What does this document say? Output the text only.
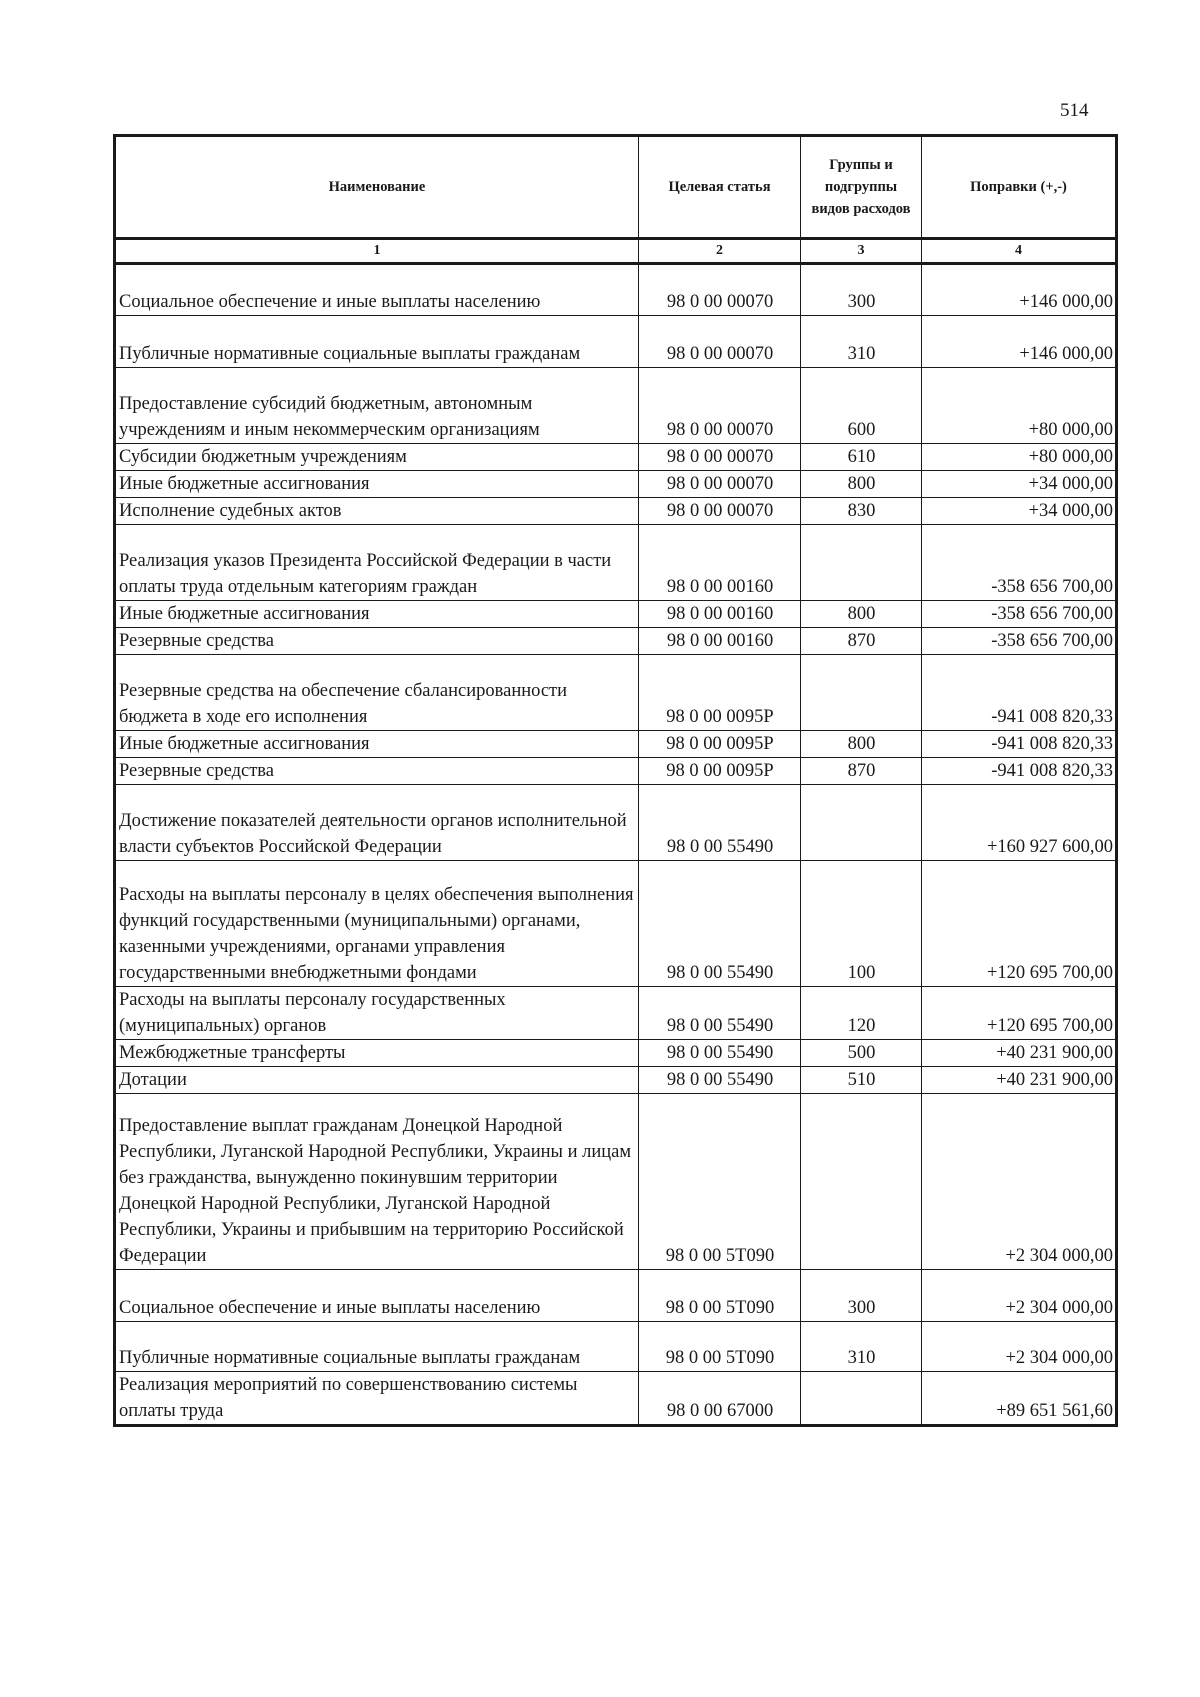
514
Наименование	Целевая статья	Группы и подгруппы видов расходов	Поправки (+,-)
1	2	3	4
Социальное обеспечение и иные выплаты населению	98 0 00 00070	300	+146 000,00
Публичные нормативные социальные выплаты гражданам	98 0 00 00070	310	+146 000,00
Предоставление субсидий бюджетным, автономным учреждениям и иным некоммерческим организациям	98 0 00 00070	600	+80 000,00
Субсидии бюджетным учреждениям	98 0 00 00070	610	+80 000,00
Иные бюджетные ассигнования	98 0 00 00070	800	+34 000,00
Исполнение судебных актов	98 0 00 00070	830	+34 000,00
Реализация указов Президента Российской Федерации в части оплаты труда отдельным категориям граждан	98 0 00 00160		-358 656 700,00
Иные бюджетные ассигнования	98 0 00 00160	800	-358 656 700,00
Резервные средства	98 0 00 00160	870	-358 656 700,00
Резервные средства на обеспечение сбалансированности бюджета в ходе его исполнения	98 0 00 0095Р		-941 008 820,33
Иные бюджетные ассигнования	98 0 00 0095Р	800	-941 008 820,33
Резервные средства	98 0 00 0095Р	870	-941 008 820,33
Достижение показателей деятельности органов исполнительной власти субъектов Российской Федерации	98 0 00 55490		+160 927 600,00
Расходы на выплаты персоналу в целях обеспечения выполнения функций государственными (муниципальными) органами, казенными учреждениями, органами управления государственными внебюджетными фондами	98 0 00 55490	100	+120 695 700,00
Расходы на выплаты персоналу государственных (муниципальных) органов	98 0 00 55490	120	+120 695 700,00
Межбюджетные трансферты	98 0 00 55490	500	+40 231 900,00
Дотации	98 0 00 55490	510	+40 231 900,00
Предоставление выплат гражданам Донецкой Народной Республики, Луганской Народной Республики, Украины и лицам без гражданства, вынужденно покинувшим территории Донецкой Народной Республики, Луганской Народной Республики, Украины и прибывшим на территорию Российской Федерации	98 0 00 5Т090		+2 304 000,00
Социальное обеспечение и иные выплаты населению	98 0 00 5Т090	300	+2 304 000,00
Публичные нормативные социальные выплаты гражданам	98 0 00 5Т090	310	+2 304 000,00
Реализация мероприятий по совершенствованию системы оплаты труда	98 0 00 67000		+89 651 561,60
